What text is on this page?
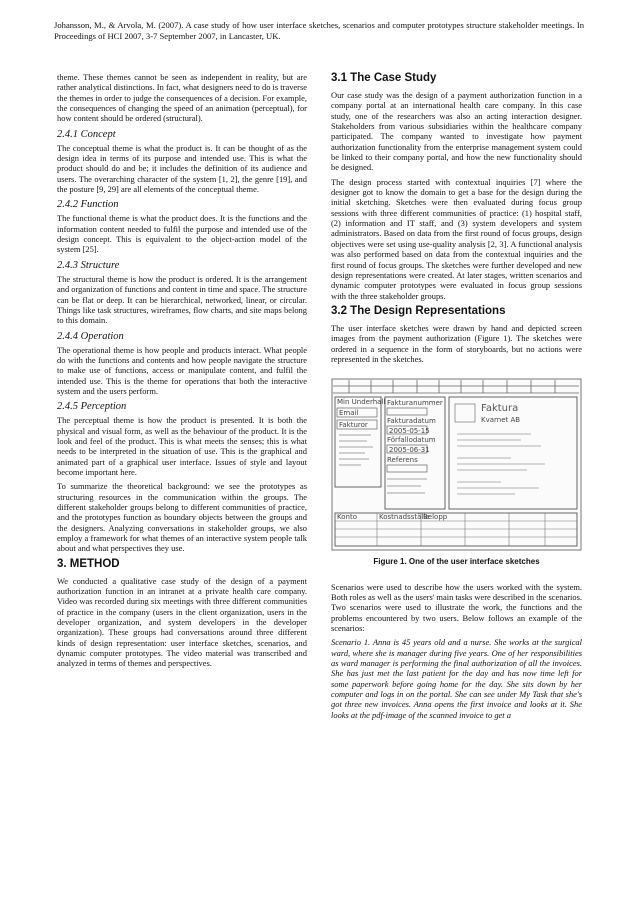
Johansson, M., & Arvola, M. (2007). A case study of how user interface sketches, scenarios and computer prototypes structure stakeholder meetings. In Proceedings of HCI 2007, 3-7 September 2007, in Lancaster, UK.

theme. These themes cannot be seen as independent in reality, but are rather analytical distinctions. In fact, what designers need to do is traverse the themes in order to judge the consequences of a decision. For example, the consequences of changing the speed of an animation (perceptual), for how content should be ordered (structural).

2.4.1 Concept

The conceptual theme is what the product is. It can be thought of as the design idea in terms of its purpose and intended use. This is what the product should do and be; it includes the definition of its audience and users. The overarching character of the system [1, 2], the genre [19], and the posture [9, 29] are all elements of the conceptual theme.

2.4.2 Function

The functional theme is what the product does. It is the functions and the information content needed to fulfil the purpose and intended use of the design concept. This is equivalent to the object-action model of the system [25].

2.4.3 Structure

The structural theme is how the product is ordered. It is the arrangement and organization of functions and content in time and space. The structure can be flat or deep. It can be hierarchical, networked, linear, or circular. Things like task structures, wireframes, flow charts, and site maps belong to this domain.

2.4.4 Operation

The operational theme is how people and products interact. What people do with the functions and contents and how people navigate the structure to make use of functions, access or manipulate content, and fulfil the intended use. This is the theme for operations that both the interactive system and the users perform.

2.4.5 Perception

The perceptual theme is how the product is presented. It is both the physical and visual form, as well as the behaviour of the product. It is the look and feel of the product. This is what meets the senses; this is what needs to be interpreted in the situation of use. This is the graphical and animated part of a graphical user interface. Issues of style and layout become important here.

To summarize the theoretical background: we see the prototypes as structuring resources in the communication within the groups. The different stakeholder groups belong to different communities of practice, and the prototypes function as boundary objects between the groups and the designers. Analyzing conversations in stakeholder groups, we also employ a framework for what themes of an interactive system people talk about and what perspectives they use.

3. METHOD

We conducted a qualitative case study of the design of a payment authorization function in an intranet at a private health care company. Video was recorded during six meetings with three different communities of practice in the company (users in the client organization, users in the developer organization, and system developers in the developer organization). These groups had conversations around three different kinds of design representation: user interface sketches, scenarios, and dynamic computer prototypes. The video material was transcribed and analyzed in terms of themes and perspectives.

3.1 The Case Study

Our case study was the design of a payment authorization function in a company portal at an international health care company. In this case study, one of the researchers was also an acting interaction designer. Stakeholders from various subsidiaries within the healthcare company participated. The company wanted to investigate how payment authorization functionality from the enterprise management system could be linked to their company portal, and how the new functionality should be designed.

The design process started with contextual inquiries [7] where the designer got to know the domain to get a base for the design during the initial sketching. Sketches were then evaluated during focus group sessions with three different communities of practice: (1) hospital staff, (2) information and IT staff, and (3) system developers and system administrators. Based on data from the first round of focus groups, design objectives were set using use-quality analysis [2, 3]. A functional analysis was also performed based on data from the contextual inquiries and the first round of focus groups. The sketches were further developed and new design representations were created. At later stages, written scenarios and dynamic computer prototypes were evaluated in focus group sessions with the three stakeholder groups.

3.2 The Design Representations

The user interface sketches were drawn by hand and depicted screen images from the payment authorization (Figure 1). The sketches were ordered in a sequence in the form of storyboards, but no actions were represented in the sketches.

Min Underhall
Email
Fakturor
Fakturanummer
Fakturadatum
2005-05-15
Förfallodatum
2005-06-31
Referens
Faktura
Kvarnet AB
Konto	Kostnadsställe
Belopp
Figure 1. One of the user interface sketches

Scenarios were used to describe how the users worked with the system. Both roles as well as the users' main tasks were described in the scenarios. Two scenarios were used to illustrate the work, the functions and the problems encountered by two users. Below follows an example of the scenarios:

Scenario 1. Anna is 45 years old and a nurse. She works at the surgical ward, where she is manager during five years. One of her responsibilities as ward manager is performing the final authorization of all the invoices. She has just met the last patient for the day and has now time left for some paperwork before going home for the day. She sits down by her computer and logs in on the portal. She can see under My Task that she's got three new invoices. Anna opens the first invoice and looks at it. She looks at the pdf-image of the scanned invoice to get a
